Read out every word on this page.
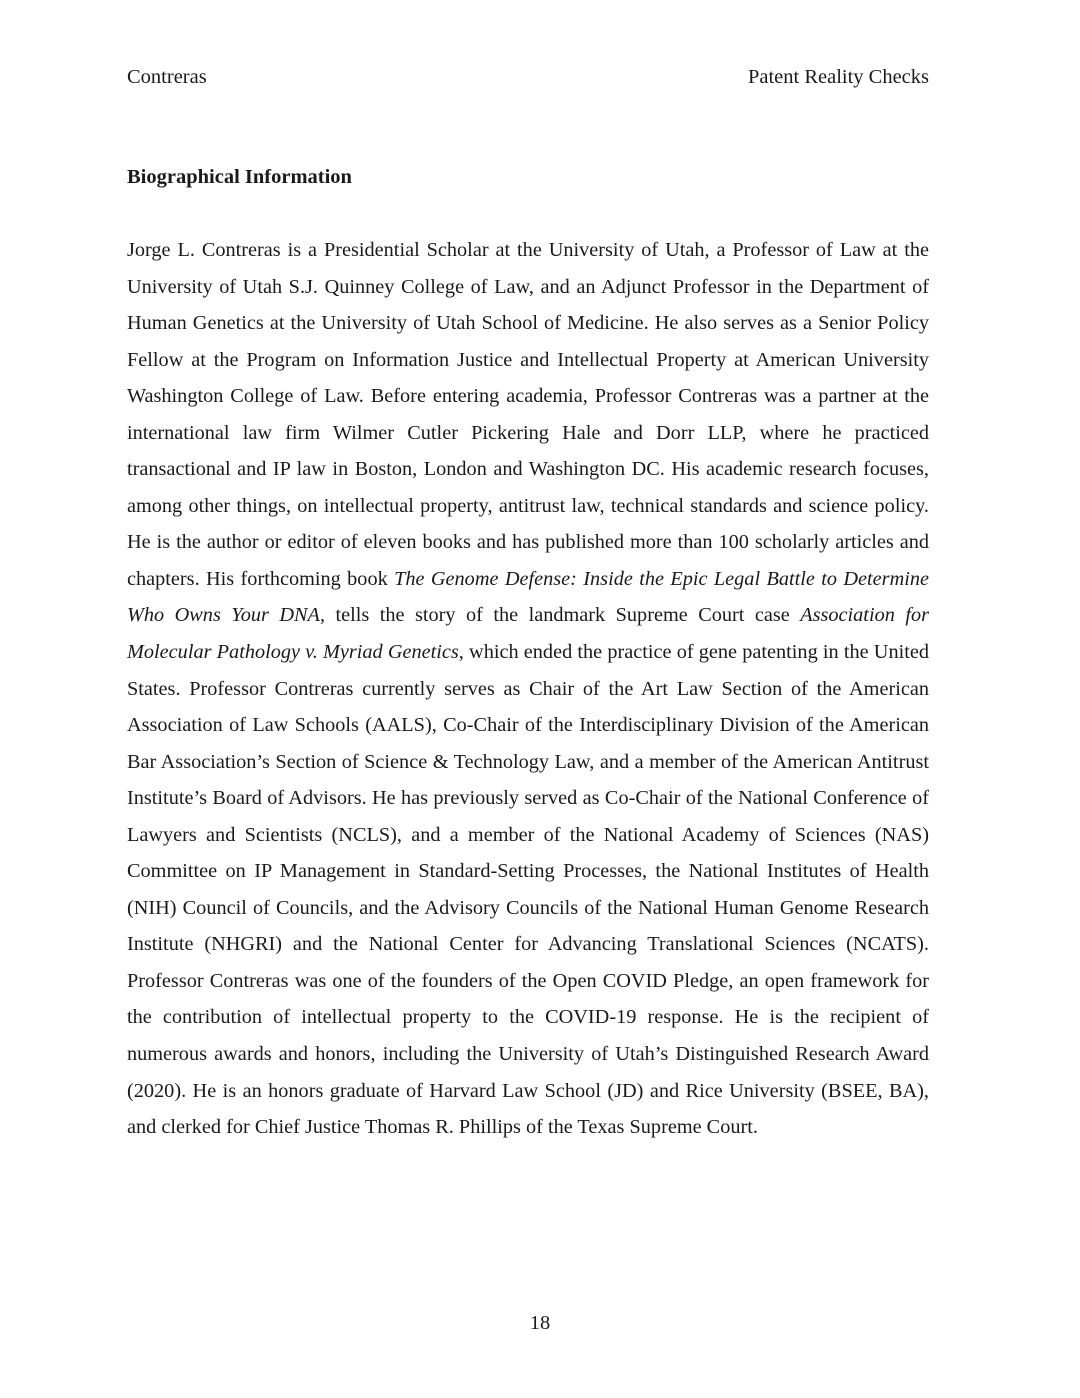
Contreras	Patent Reality Checks
Biographical Information

Jorge L. Contreras is a Presidential Scholar at the University of Utah, a Professor of Law at the University of Utah S.J. Quinney College of Law, and an Adjunct Professor in the Department of Human Genetics at the University of Utah School of Medicine. He also serves as a Senior Policy Fellow at the Program on Information Justice and Intellectual Property at American University Washington College of Law. Before entering academia, Professor Contreras was a partner at the international law firm Wilmer Cutler Pickering Hale and Dorr LLP, where he practiced transactional and IP law in Boston, London and Washington DC. His academic research focuses, among other things, on intellectual property, antitrust law, technical standards and science policy. He is the author or editor of eleven books and has published more than 100 scholarly articles and chapters. His forthcoming book The Genome Defense: Inside the Epic Legal Battle to Determine Who Owns Your DNA, tells the story of the landmark Supreme Court case Association for Molecular Pathology v. Myriad Genetics, which ended the practice of gene patenting in the United States. Professor Contreras currently serves as Chair of the Art Law Section of the American Association of Law Schools (AALS), Co-Chair of the Interdisciplinary Division of the American Bar Association’s Section of Science & Technology Law, and a member of the American Antitrust Institute’s Board of Advisors. He has previously served as Co-Chair of the National Conference of Lawyers and Scientists (NCLS), and a member of the National Academy of Sciences (NAS) Committee on IP Management in Standard-Setting Processes, the National Institutes of Health (NIH) Council of Councils, and the Advisory Councils of the National Human Genome Research Institute (NHGRI) and the National Center for Advancing Translational Sciences (NCATS). Professor Contreras was one of the founders of the Open COVID Pledge, an open framework for the contribution of intellectual property to the COVID-19 response. He is the recipient of numerous awards and honors, including the University of Utah’s Distinguished Research Award (2020). He is an honors graduate of Harvard Law School (JD) and Rice University (BSEE, BA), and clerked for Chief Justice Thomas R. Phillips of the Texas Supreme Court.

18
